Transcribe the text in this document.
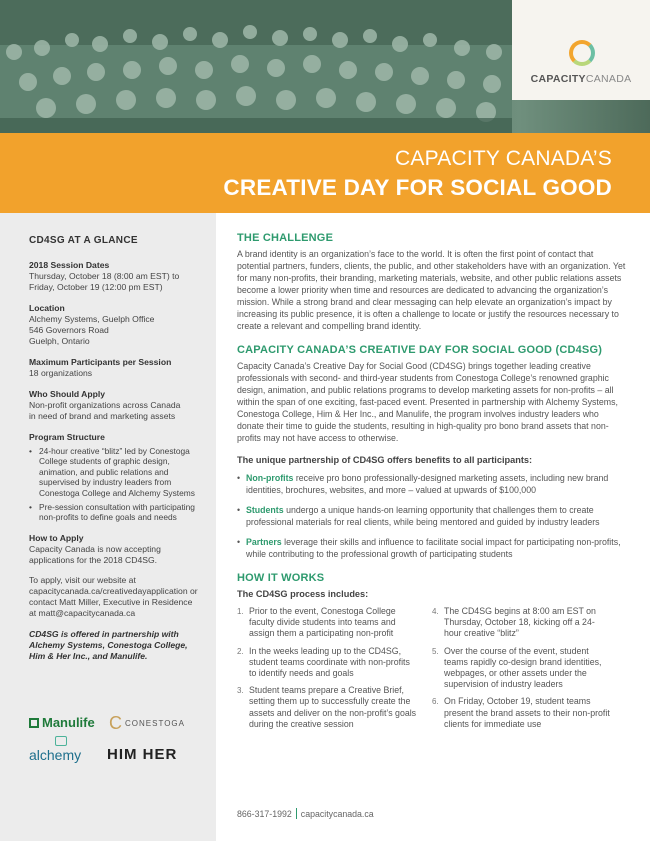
CAPACITYCANADA
CAPACITY CANADA’S
CREATIVE DAY FOR SOCIAL GOOD
CD4SG AT A GLANCE
2018 Session Dates
Thursday, October 18 (8:00 am EST) to Friday, October 19 (12:00 pm EST)
Location
Alchemy Systems, Guelph Office
546 Governors Road
Guelph, Ontario
Maximum Participants per Session
18 organizations
Who Should Apply
Non-profit organizations across Canada in need of brand and marketing assets
Program Structure
• 24-hour creative “blitz” led by Conestoga College students of graphic design, animation, and public relations and supervised by industry leaders from Conestoga College and Alchemy Systems
• Pre-session consultation with participating non-profits to define goals and needs
How to Apply
Capacity Canada is now accepting applications for the 2018 CD4SG.
To apply, visit our website at capacitycanada.ca/creativedayapplication or contact Matt Miller, Executive in Residence at matt@capacitycanada.ca
CD4SG is offered in partnership with Alchemy Systems, Conestoga College, Him & Her Inc., and Manulife.
Manulife CCONESTOGA
alchemy HIM HER
THE CHALLENGE
A brand identity is an organization’s face to the world. It is often the first point of contact that potential partners, funders, clients, the public, and other stakeholders have with an organization. Yet for many non-profits, their branding, marketing materials, website, and other public relations assets become a lower priority when time and resources are dedicated to advancing the organization’s mission. While a strong brand and clear messaging can help elevate an organization’s impact by increasing its public presence, it is often a challenge to locate or justify the resources necessary to create a relevant and compelling brand identity.
CAPACITY CANADA’S CREATIVE DAY FOR SOCIAL GOOD (CD4SG)
Capacity Canada’s Creative Day for Social Good (CD4SG) brings together leading creative professionals with second- and third-year students from Conestoga College’s renowned graphic design, animation, and public relations programs to develop marketing assets for non-profits – all within the span of one exciting, fast-paced event. Presented in partnership with Alchemy Systems, Conestoga College, Him & Her Inc., and Manulife, the program involves industry leaders who donate their time to guide the students, resulting in high-quality pro bono brand assets that non-profits may not have access to otherwise.
The unique partnership of CD4SG offers benefits to all participants:
• Non-profits receive pro bono professionally-designed marketing assets, including new brand identities, brochures, websites, and more – valued at upwards of $100,000
• Students undergo a unique hands-on learning opportunity that challenges them to create professional materials for real clients, while being mentored and guided by industry leaders
• Partners leverage their skills and influence to facilitate social impact for participating non-profits, while contributing to the professional growth of participating students
HOW IT WORKS
The CD4SG process includes:
1. Prior to the event, Conestoga College faculty divide students into teams and assign them a participating non-profit
2. In the weeks leading up to the CD4SG, student teams coordinate with non-profits to identify needs and goals
3. Student teams prepare a Creative Brief, setting them up to successfully create the assets and deliver on the non-profit’s goals during the creative session
4. The CD4SG begins at 8:00 am EST on Thursday, October 18, kicking off a 24-hour creative “blitz”
5. Over the course of the event, student teams rapidly co-design brand identities, webpages, or other assets under the supervision of industry leaders
6. On Friday, October 19, student teams present the brand assets to their non-profit clients for immediate use
866-317-1992 capacitycanada.ca
